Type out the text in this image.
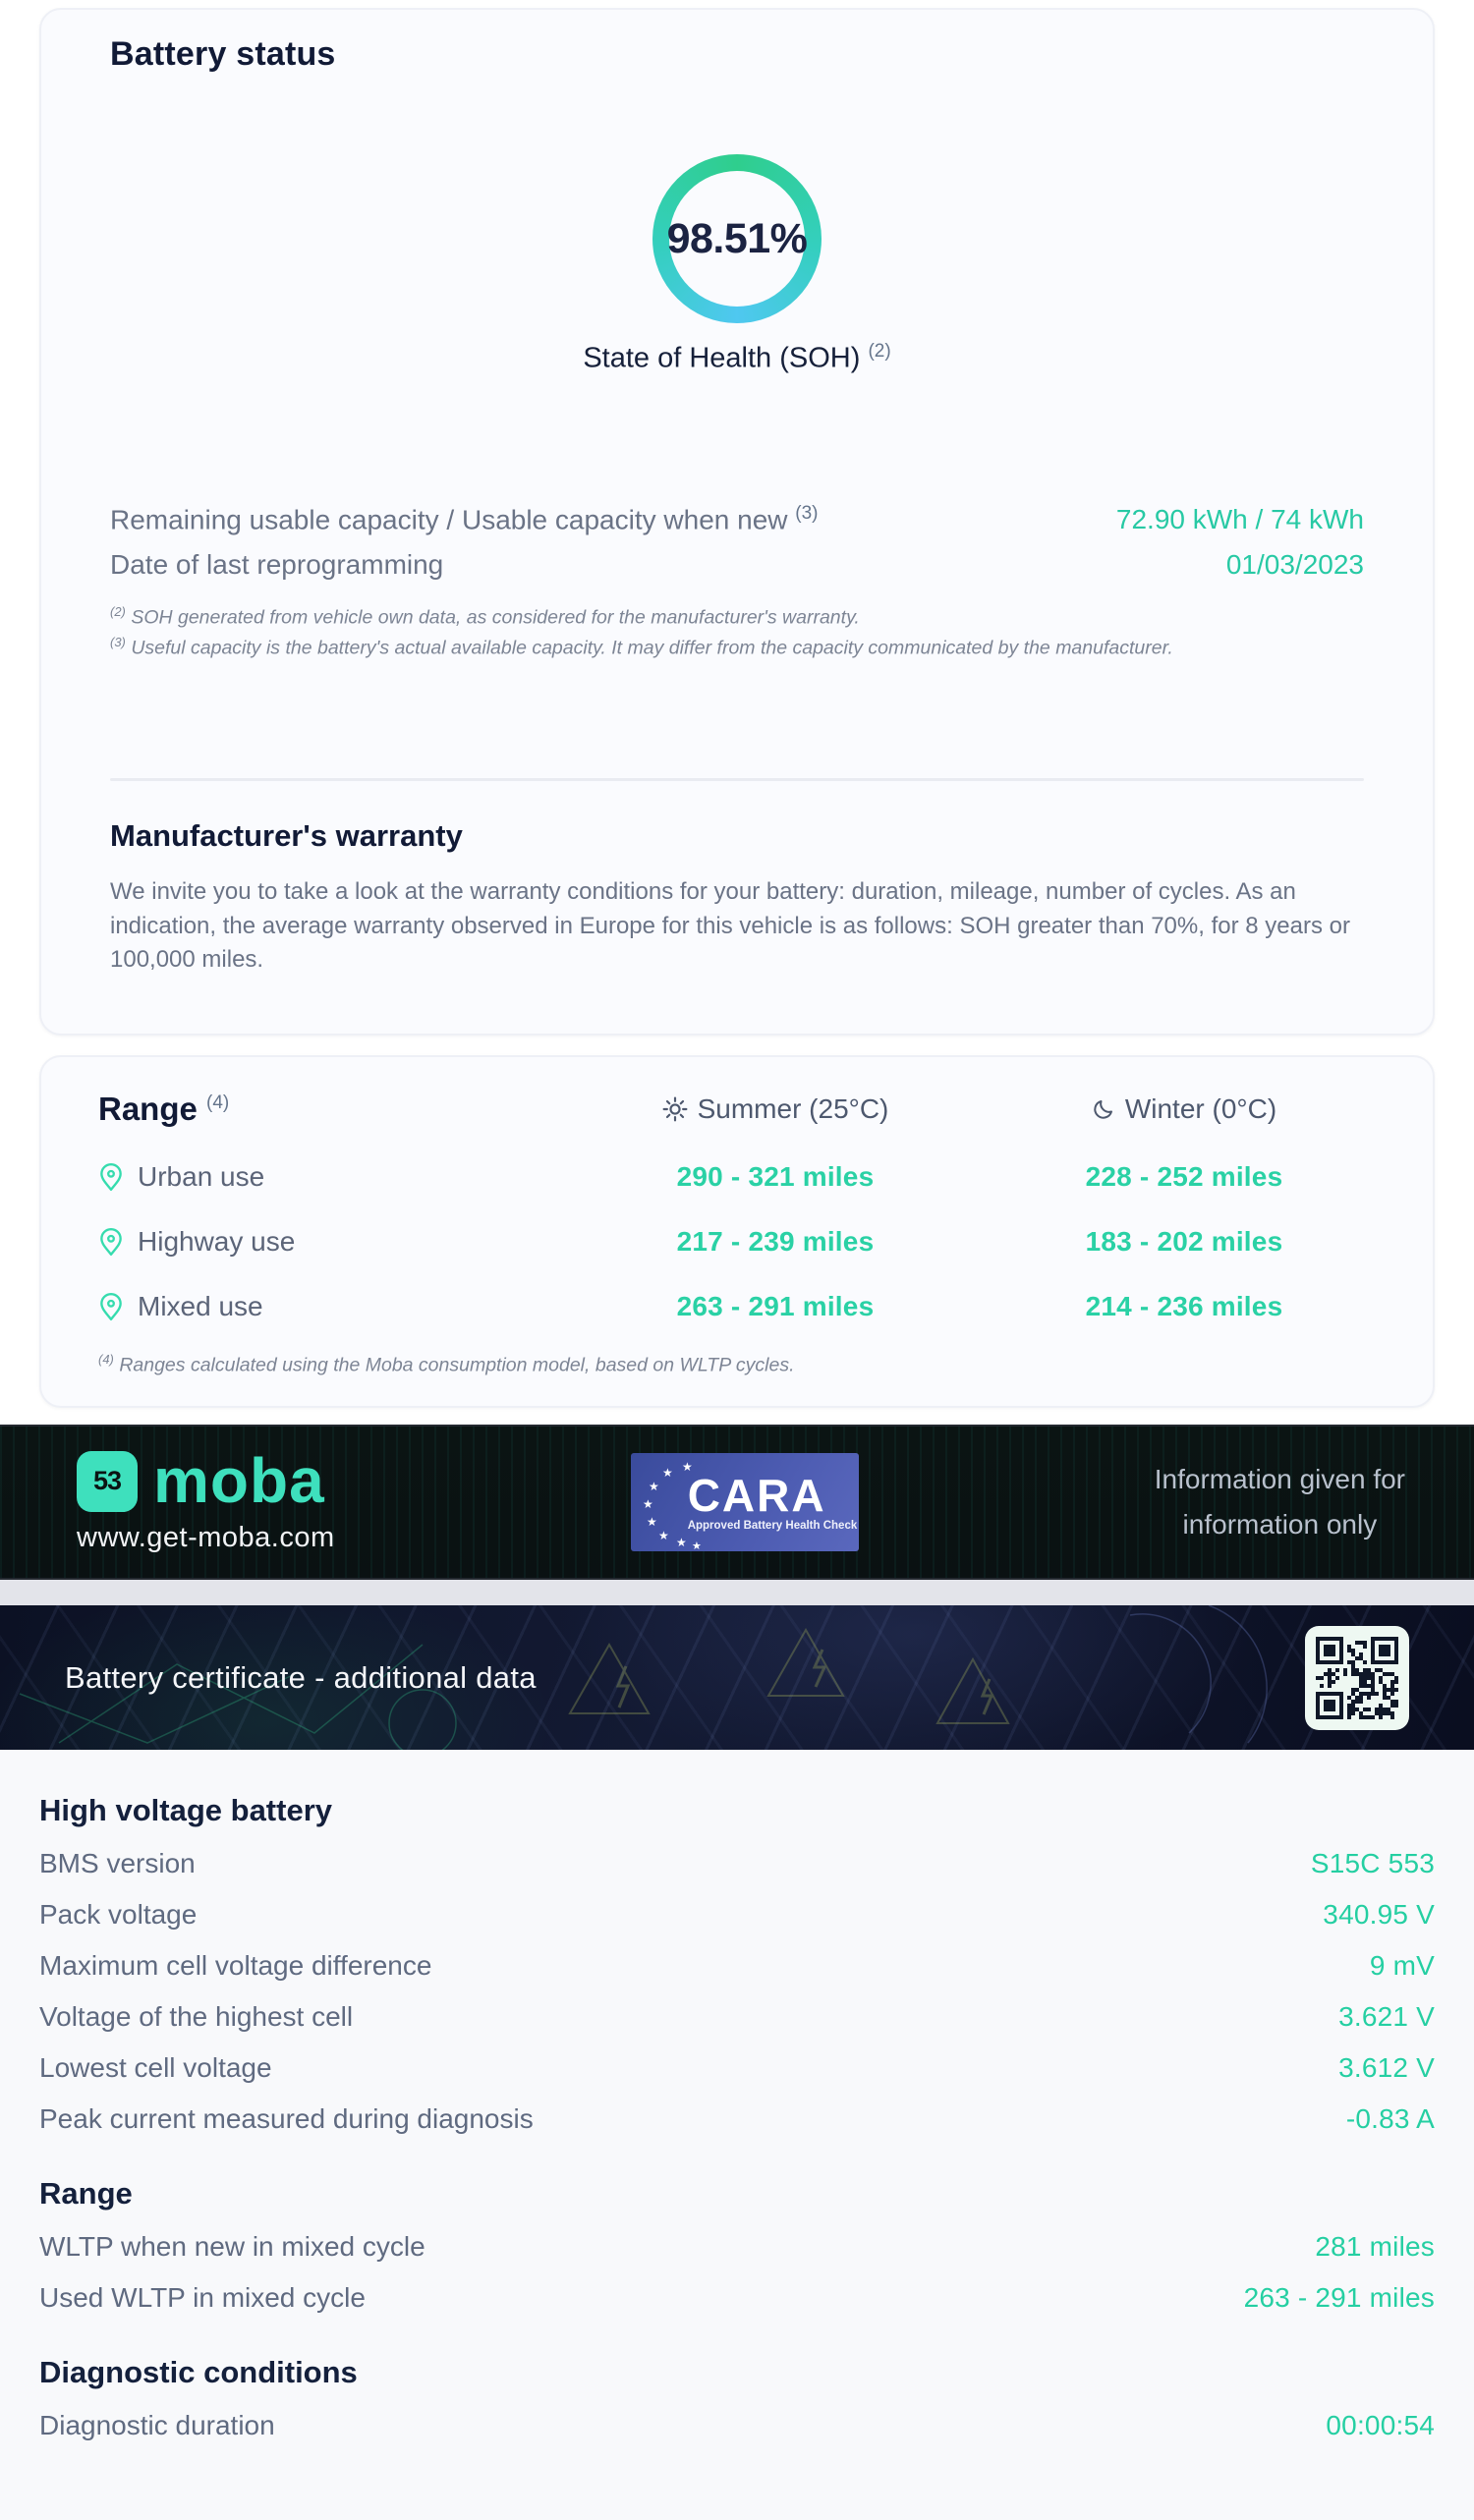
Battery status
98.51%
State of Health (SOH) $^{(2)}$
Remaining usable capacity / Usable capacity when new $^{(3)}$	72.90 kWh / 74 kWh
Date of last reprogramming	01/03/2023
$^{(2)}$ SOH generated from vehicle own data, as considered for the manufacturer's warranty.
$^{(3)}$ Useful capacity is the battery's actual available capacity. It may differ from the capacity communicated by the manufacturer.
Manufacturer's warranty
We invite you to take a look at the warranty conditions for your battery: duration, mileage, number of cycles. As an indication, the average warranty observed in Europe for this vehicle is as follows: SOH greater than 70%, for 8 years or 100,000 miles.
Range $^{(4)}$	Summer (25°C)	Winter (0°C)
Urban use	290 - 321 miles	228 - 252 miles
Highway use	217 - 239 miles	183 - 202 miles
Mixed use	263 - 291 miles	214 - 236 miles
$^{(4)}$ Ranges calculated using the Moba consumption model, based on WLTP cycles.
53 moba
www.get-moba.com
★
★
★
★
★
★ ★ ★
CARA
Approved Battery Health Check
Information given for
information only
Battery certificate - additional data
High voltage battery
BMS version	S15C 553
Pack voltage	340.95 V
Maximum cell voltage difference	9 mV
Voltage of the highest cell	3.621 V
Lowest cell voltage	3.612 V
Peak current measured during diagnosis	-0.83 A
Range
WLTP when new in mixed cycle	281 miles
Used WLTP in mixed cycle	263 - 291 miles
Diagnostic conditions
Diagnostic duration	00:00:54
